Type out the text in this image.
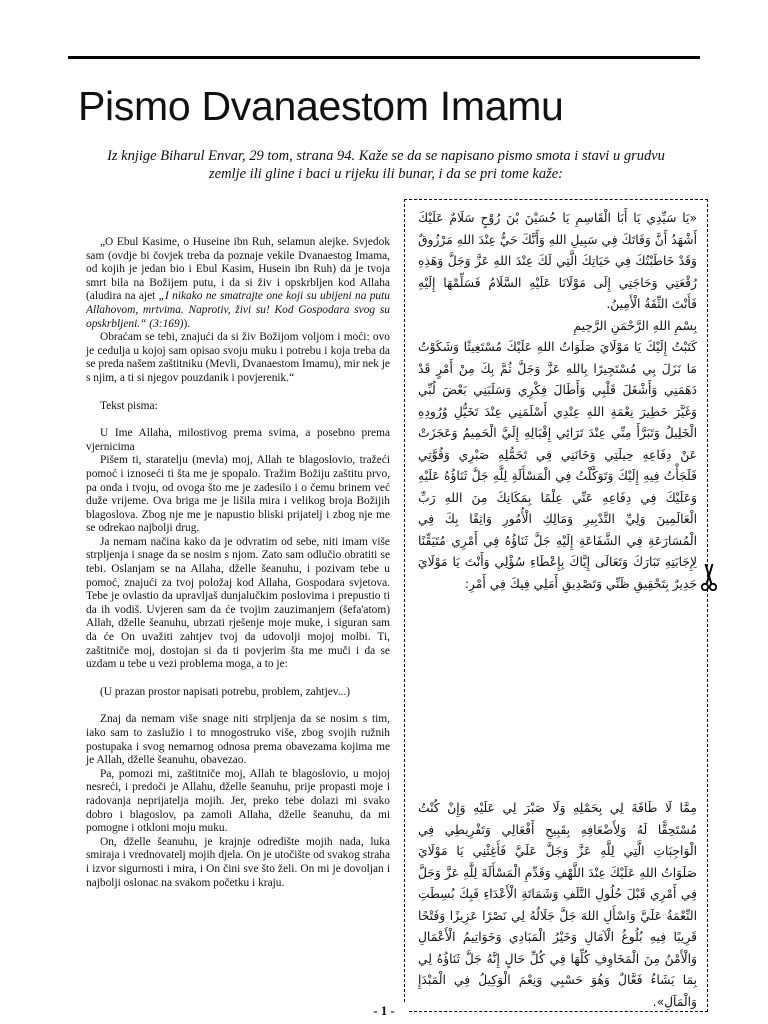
Pismo Dvanaestom Imamu
Iz knjige Biharul Envar, 29 tom, strana 94. Kaže se da se napisano pismo smota i stavi u grudvu zemlje ili gline i baci u rijeku ili bunar, i da se pri tome kaže:

„O Ebul Kasime, o Huseine ibn Ruh, selamun alejke. Svjedok sam (ovdje bi čovjek treba da poznaje vekile Dvanaestog Imama, od kojih je jedan bio i Ebul Kasim, Husein ibn Ruh) da je tvoja smrt bila na Božijem putu, i da si živ i opskrbljen kod Allaha (aludira na ajet „I nikako ne smatrajte one koji su ubijeni na putu Allahovom, mrtvima. Naprotiv, živi su! Kod Gospodara svog su opskrbljeni.“ (3:169)).

Obraćam se tebi, znajući da si živ Božijom voljom i moći: ovo je cedulja u kojoj sam opisao svoju muku i potrebu i koja treba da se preda našem zaštitniku (Mevli, Dvanaestom Imamu), mir nek je s njim, a ti si njegov pouzdanik i povjerenik.“

Tekst pisma:

U Ime Allaha, milostivog prema svima, a posebno prema vjernicima

Pišem ti, staratelju (mevla) moj, Allah te blagoslovio, tražeći pomoć i iznoseći ti šta me je spopalo. Tražim Božiju zaštitu prvo, pa onda i tvoju, od ovoga što me je zadesilo i o čemu brinem već duže vrijeme. Ova briga me je lišila mira i velikog broja Božijih blagoslova. Zbog nje me je napustio bliski prijatelj i zbog nje me se odrekao najbolji drug.

Ja nemam načina kako da je odvratim od sebe, niti imam više strpljenja i snage da se nosim s njom. Zato sam odlučio obratiti se tebi. Oslanjam se na Allaha, dželle šeanuhu, i pozivam tebe u pomoć, znajući za tvoj položaj kod Allaha, Gospodara svjetova. Tebe je ovlastio da upravljaš dunjalučkim poslovima i prepustio ti da ih vodiš. Uvjeren sam da će tvojim zauzimanjem (šefa'atom) Allah, dželle šeanuhu, ubrzati rješenje moje muke, i siguran sam da će On uvažiti zahtjev tvoj da udovolji mojoj molbi. Ti, zaštitniče moj, dostojan si da ti povjerim šta me muči i da se uzdam u tebe u vezi problema moga, a to je:

(U prazan prostor napisati potrebu, problem, zahtjev...)

Znaj da nemam više snage niti strpljenja da se nosim s tim, iako sam to zaslužio i to mnogostruko više, zbog svojih ružnih postupaka i svog nemarnog odnosa prema obavezama kojima me je Allah, dželle šeanuhu, obavezao.

Pa, pomozi mi, zaštitniče moj, Allah te blagoslovio, u mojoj nesreći, i predoči je Allahu, dželle šeanuhu, prije propasti moje i radovanja neprijatelja mojih. Jer, preko tebe dolazi mi svako dobro i blagoslov, pa zamoli Allaha, dželle šeanuhu, da mi pomogne i otkloni moju muku.

On, dželle šeanuhu, je krajnje odredište mojih nada, luka smiraja i vrednovatelj mojih djela. On je utočište od svakog straha i izvor sigurnosti i mira, i On čini sve što želi. On mi je dovoljan i najbolji oslonac na svakom početku i kraju.

«يَا سَيِّدِي يَا أَبَا الْقَاسِمِ يَا حُسَيْنَ بْنَ رُوْحٍ سَلَامٌ عَلَيْكَ أَشْهَدُ أَنَّ وَفَاتَكَ فِي سَبِيلِ اللهِ وَأَنَّكَ حَيٌّ عِنْدَ اللهِ مَرْزُوقٌ وَقَدْ خَاطَبْتُكَ فِي حَيَاتِكَ الَّتِي لَكَ عِنْدَ اللهِ عَزَّ وَجَلَّ وَهَذِهِ رُقْعَتِي وَحَاجَتِي إِلَى مَوْلَانَا عَلَيْهِ السَّلَامُ فَسَلِّمْهَا إِلَيْهِ فَأَنْتَ الثِّقَةُ الْأَمِينُ.

بِسْمِ اللهِ الرَّحْمَنِ الرَّحِيمِ

كَتَبْتُ إِلَيْكَ يَا مَوْلَايَ صَلَوَاتُ اللهِ عَلَيْكَ مُسْتَغِيثًا وَشَكَوْتُ مَا نَزَلَ بِي مُسْتَجِيرًا بِاللهِ عَزَّ وَجَلَّ ثُمَّ بِكَ مِنْ أَمْرٍ قَدْ دَهَمَنِي وَأَشْغَلَ قَلْبِي وَأَطَالَ فِكْرِي وَسَلَبَنِي بَعْضَ لُبِّي وَغَيَّرَ خَطِيرَ نِعْمَةِ اللهِ عِنْدِي أَسْلَمَنِي عِنْدَ تَخَيُّلِ وُرُودِهِ الْخَلِيلُ وَتَبَرَّأَ مِنِّي عِنْدَ تَرَائِي إِقْبَالِهِ إِلَيَّ الْحَمِيمُ وَعَجَزَتْ عَنْ دِفَاعِهِ حِيلَتِي وَخَانَنِي فِي تَحَمُّلِهِ صَبْرِي وَقُوَّتِي فَلَجَأْتُ فِيهِ إِلَيْكَ وَتَوَكَّلْتُ فِي الْمَسْأَلَةِ لِلَّهِ جَلَّ ثَنَاؤُهُ عَلَيْهِ وَعَلَيْكَ فِي دِفَاعِهِ عَنِّي عِلْمًا بِمَكَانِكَ مِنَ اللهِ رَبِّ الْعَالَمِينَ وَلِيِّ التَّدْبِيرِ وَمَالِكِ الْأُمُورِ وَاثِقًا بِكَ فِي الْمُسَارَعَةِ فِي الشَّفَاعَةِ إِلَيْهِ جَلَّ ثَنَاؤُهُ فِي أَمْرِي مُتَيَقِّنًا لِإِجَابَتِهِ تَبَارَكَ وَتَعَالَى إِيَّاكَ بِإِعْطَاءِ سُؤْلِي وَأَنْتَ يَا مَوْلَايَ جَدِيرٌ بِتَحْقِيقِ ظَنِّي وَتَصْدِيقِ أَمَلِي فِيكَ فِي أَمْرِ:

مِمَّا لَا طَاقَةَ لِي بِحَمْلِهِ وَلَا صَبْرَ لِي عَلَيْهِ وَإِنْ كُنْتُ مُسْتَحِقًّا لَهُ وَلِأَضْعَافِهِ بِقَبِيحِ أَفْعَالِي وَتَفْرِيطِي فِي الْوَاجِبَاتِ الَّتِي لِلَّهِ عَزَّ وَجَلَّ عَلَيَّ فَأَغِثْنِي يَا مَوْلَايَ صَلَوَاتُ اللهِ عَلَيْكَ عِنْدَ اللَّهْفِ وَقَدِّمِ الْمَسْأَلَةَ لِلَّهِ عَزَّ وَجَلَّ فِي أَمْرِي قَبْلَ حُلُولِ التَّلَفِ وَشَمَاتَةِ الْأَعْدَاءِ فَبِكَ بُسِطَتِ النِّعْمَةُ عَلَيَّ وَاسْأَلِ اللهَ جَلَّ جَلَالُهُ لِي نَصْرًا عَزِيزًا وَفَتْحًا قَرِيبًا فِيهِ بُلُوغُ الْآمَالِ وَخَيْرُ الْمَبَادِي وَخَوَاتِيمُ الْأَعْمَالِ وَالْأَمْنُ مِنَ الْمَخَاوِفِ كُلِّهَا فِي كُلِّ حَالٍ إِنَّهُ جَلَّ ثَنَاؤُهُ لِي بِمَا يَشَاءُ فَعَّالٌ وَهُوَ حَسْبِي وَنِعْمَ الْوَكِيلُ فِي الْمَبْدَإِ وَالْمَآلِ».

- 1 -
